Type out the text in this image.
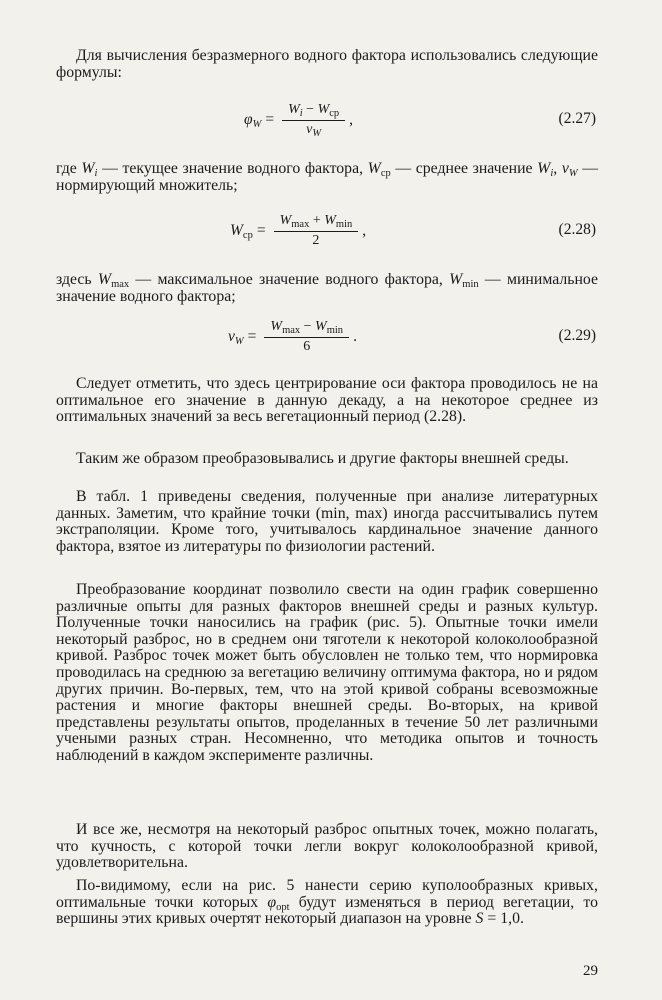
Для вычисления безразмерного водного фактора использовались следующие формулы:

$\varphi_W = \frac{W_i - W_{ср}}{\nu_W}$ ,	(2.27)

где $W_i$ — текущее значение водного фактора, $W_{ср}$ — среднее значение $W_i$, $\nu_W$ — нормирующий множитель;

$W_{ср} = \frac{W_{max} + W_{min}}{2}$ ,	(2.28)

здесь $W_{max}$ — максимальное значение водного фактора, $W_{min}$ — минимальное значение водного фактора;

$\nu_W = \frac{W_{max} - W_{min}}{6}$ .	(2.29)

Следует отметить, что здесь центрирование оси фактора проводилось не на оптимальное его значение в данную декаду, а на некоторое среднее из оптимальных значений за весь вегетационный период (2.28).

Таким же образом преобразовывались и другие факторы внешней среды.

В табл. 1 приведены сведения, полученные при анализе литературных данных. Заметим, что крайние точки (min, max) иногда рассчитывались путем экстраполяции. Кроме того, учитывалось кардинальное значение данного фактора, взятое из литературы по физиологии растений.

Преобразование координат позволило свести на один график совершенно различные опыты для разных факторов внешней среды и разных культур. Полученные точки наносились на график (рис. 5). Опытные точки имели некоторый разброс, но в среднем они тяготели к некоторой колоколообразной кривой. Разброс точек может быть обусловлен не только тем, что нормировка проводилась на среднюю за вегетацию величину оптимума фактора, но и рядом других причин. Во-первых, тем, что на этой кривой собраны всевозможные растения и многие факторы внешней среды. Во-вторых, на кривой представлены результаты опытов, проделанных в течение 50 лет различными учеными разных стран. Несомненно, что методика опытов и точность наблюдений в каждом эксперименте различны.

И все же, несмотря на некоторый разброс опытных точек, можно полагать, что кучность, с которой точки легли вокруг колоколообразной кривой, удовлетворительна.

По-видимому, если на рис. 5 нанести серию куполообразных кривых, оптимальные точки которых $\varphi_{opt}$ будут изменяться в период вегетации, то вершины этих кривых очертят некоторый диапазон на уровне S = 1,0.

29
